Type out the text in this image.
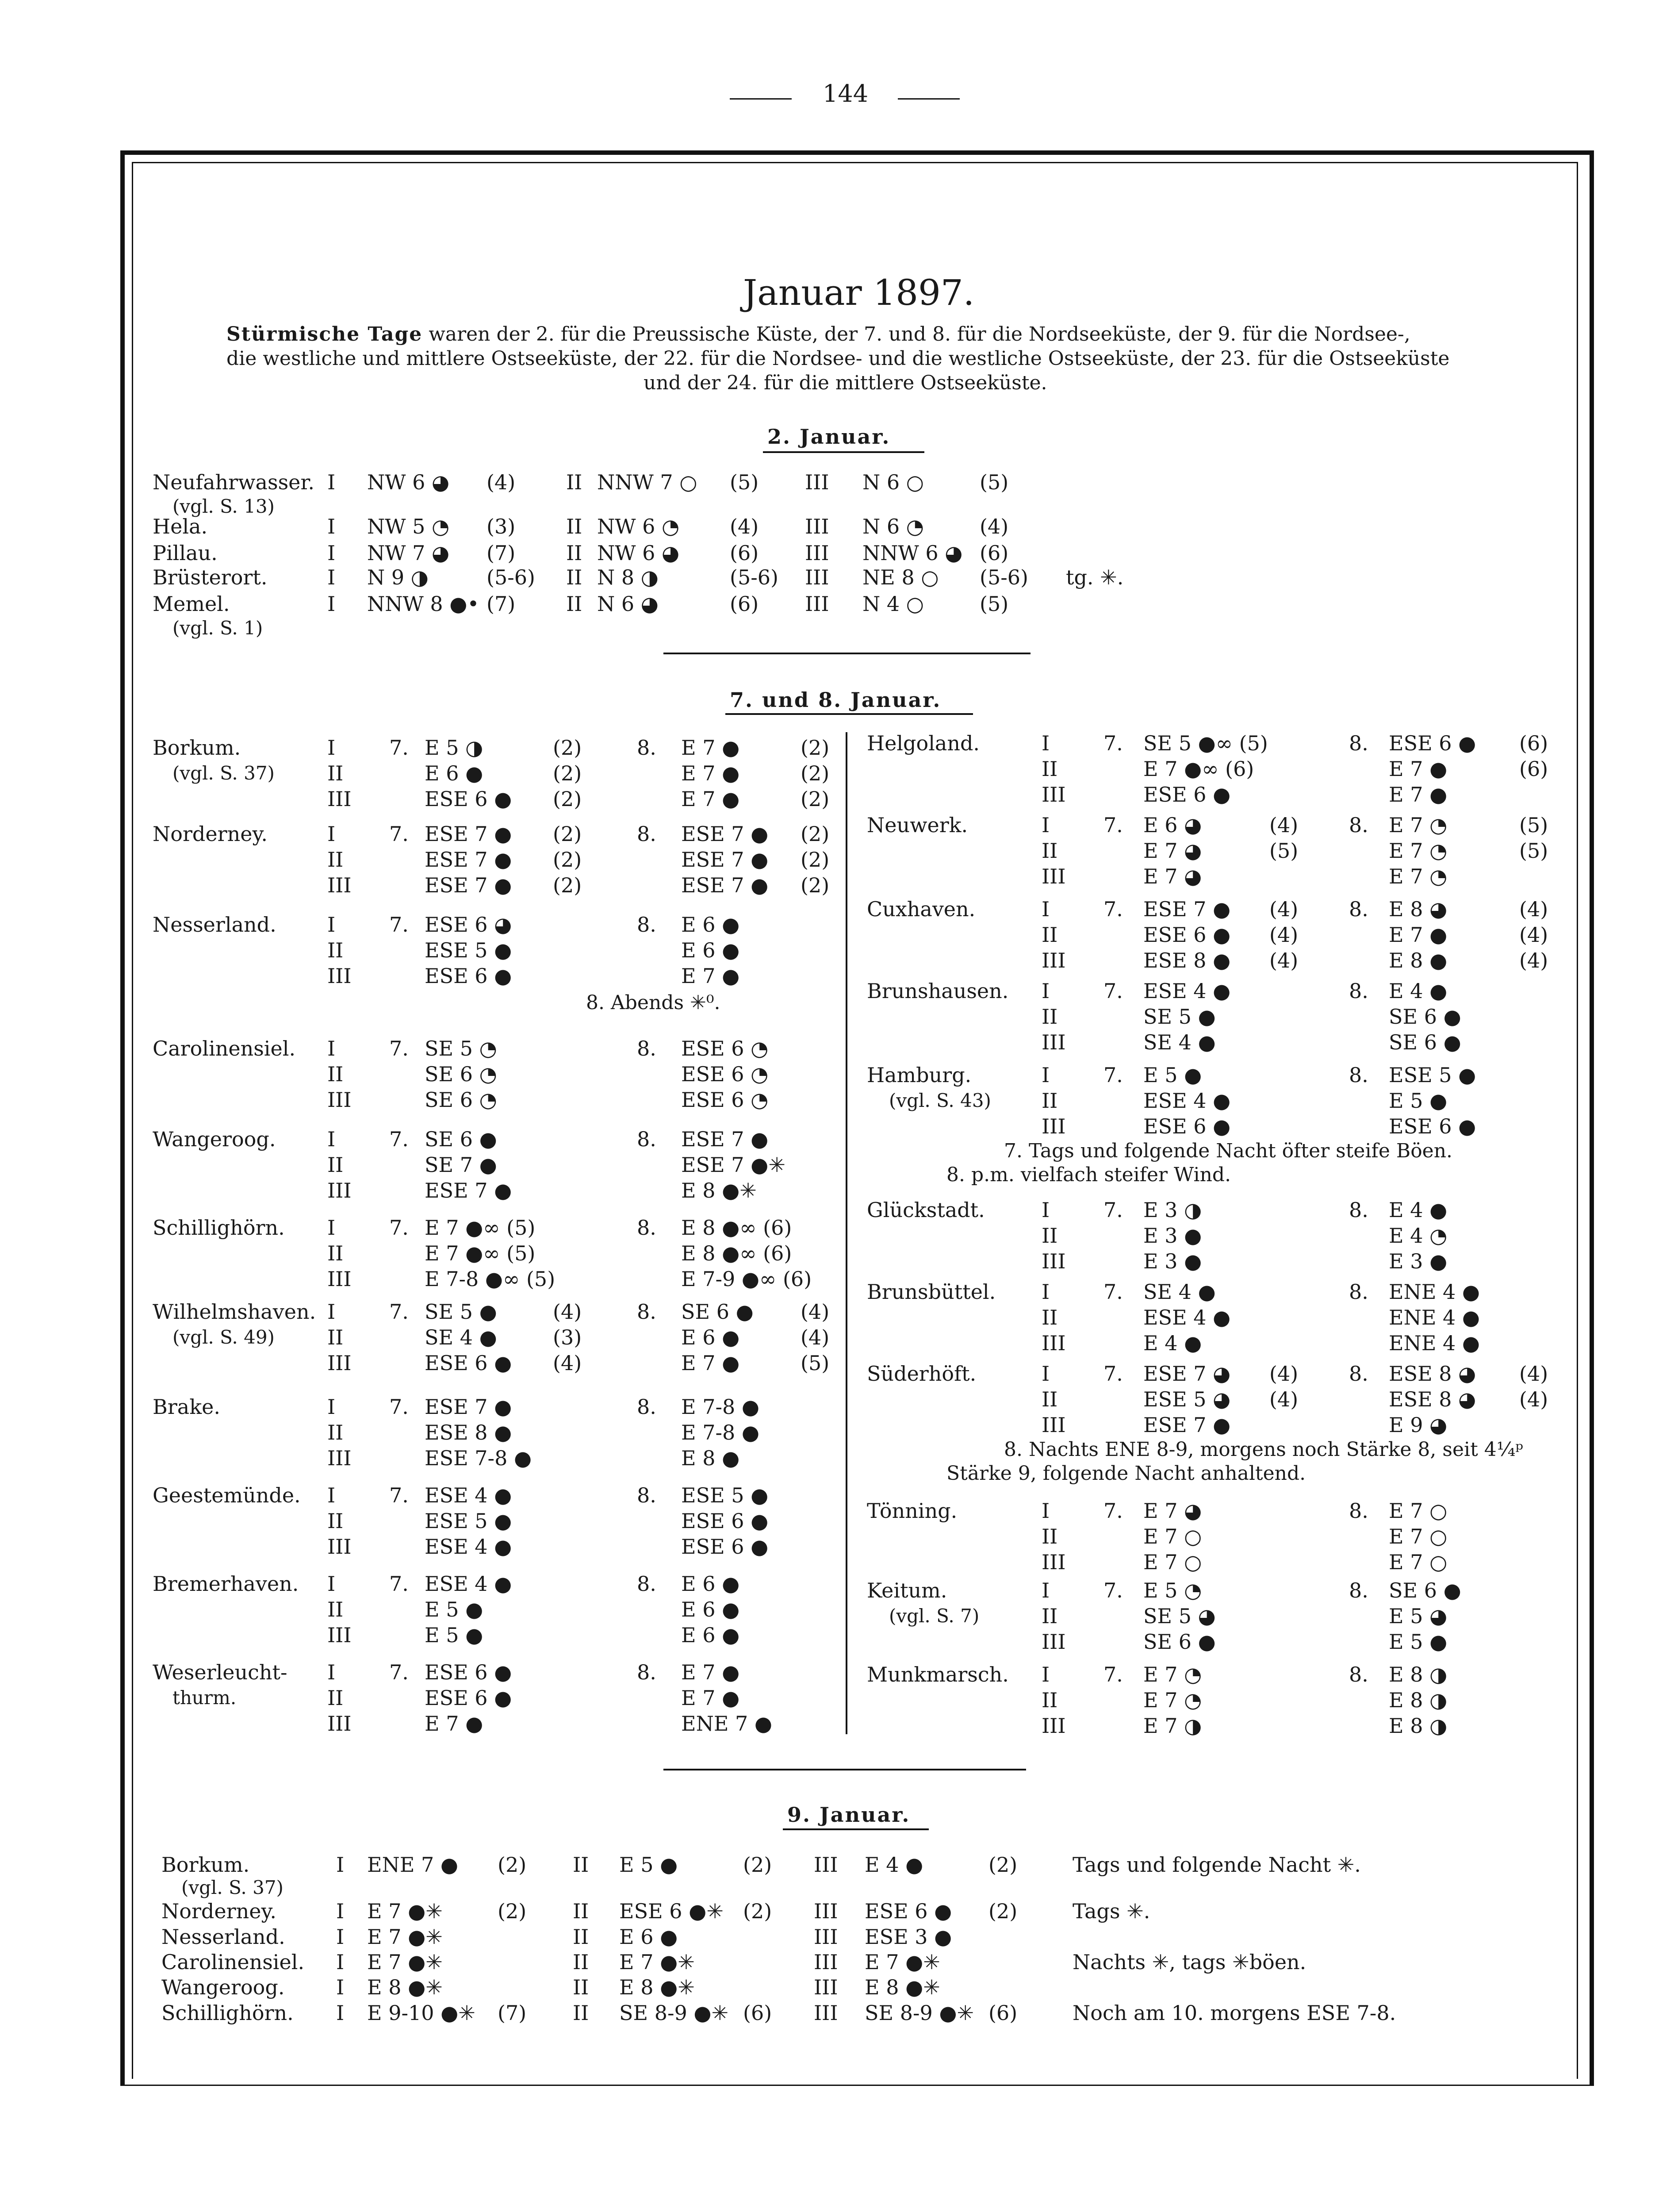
144
Januar 1897.
Stürmische Tage waren der 2. für die Preussische Küste, der 7. und 8. für die Nordseeküste, der 9. für die Nordsee-,
die westliche und mittlere Ostseeküste, der 22. für die Nordsee- und die westliche Ostseeküste, der 23. für die Ostseeküste
und der 24. für die mittlere Ostseeküste.
2. Januar.
7. und 8. Januar.
9. Januar.
Neufahrwasser.
(vgl. S. 13)
I NW 6 ◕ (4) II NNW 7 ○ (5) III N 6 ○	(5)
Hela.	I NW 5 ◔ (3) II NW 6 ◔ (4) III N 6 ◔	(4)
Pillau.	I NW 7 ◕ (7) II NW 6 ◕ (6) III NNW 6 ◕ (6)
Brüsterort.	I N 9 ◑	(5-6) II N 8 ◑	(5-6) III NE 8 ○ (5-6) tg. ✳.
Memel.
(vgl. S. 1)
I NNW 8 ●• (7) II N 6 ◕	(6) III N 4 ○	(5)
Borkum.
(vgl. S. 37)
I	7. E 5 ◑	(2)	8. E 7 ●	(2)
II	E 6 ●	(2)	E 7 ●	(2)
III	ESE 6 ● (2)	E 7 ●	(2)
Norderney.	I	7. ESE 7 ● (2)	8. ESE 7 ● (2)
II	ESE 7 ● (2)	ESE 7 ● (2)
III	ESE 7 ● (2)	ESE 7 ● (2)
Nesserland.	I	7. ESE 6 ◕	8. E 6 ●
II	ESE 5 ●	E 6 ●
III	ESE 6 ●	E 7 ●
8. Abends ✳⁰.
Carolinensiel. I	7. SE 5 ◔	8. ESE 6 ◔
II	SE 6 ◔	ESE 6 ◔
III	SE 6 ◔	ESE 6 ◔
Wangeroog.	I	7. SE 6 ●	8. ESE 7 ●
II	SE 7 ●	ESE 7 ●✳
III	ESE 7 ●	E 8 ●✳
Schillighörn. I	7. E 7 ●∞ (5)	8. E 8 ●∞ (6)
II	E 7 ●∞ (5)	E 8 ●∞ (6)
III	E 7-8 ●∞ (5)	E 7-9 ●∞ (6)
Wilhelmshaven.
(vgl. S. 49)
I	7. SE 5 ●	(4)	8. SE 6 ● (4)
II	SE 4 ●	(3)	E 6 ●	(4)
III	ESE 6 ● (4)	E 7 ●	(5)
Brake.	I	7. ESE 7 ●	8. E 7-8 ●
II	ESE 8 ●	E 7-8 ●
III	ESE 7-8 ●	E 8 ●
Geestemünde. I	7. ESE 4 ●	8. ESE 5 ●
II	ESE 5 ●	ESE 6 ●
III	ESE 4 ●	ESE 6 ●
Bremerhaven. I	7. ESE 4 ●	8. E 6 ●
II	E 5 ●	E 6 ●
III	E 5 ●	E 6 ●
Weserleucht-
thurm.
I	7. ESE 6 ●	8. E 7 ●
II	ESE 6 ●	E 7 ●
III	E 7 ●	ENE 7 ●
Helgoland.	I	7. SE 5 ●∞ (5)	8. ESE 6 ● (6)
II	E 7 ●∞ (6)	E 7 ●	(6)
III	ESE 6 ●	E 7 ●
Neuwerk.	I	7. E 6 ◕	(4) 8. E 7 ◔	(5)
II	E 7 ◕	(5)	E 7 ◔	(5)
III	E 7 ◕	E 7 ◔
Cuxhaven.	I	7. ESE 7 ● (4) 8. E 8 ◕	(4)
II	ESE 6 ● (4)	E 7 ●	(4)
III	ESE 8 ● (4)	E 8 ●	(4)
Brunshausen. I	7. ESE 4 ●	8. E 4 ●
II	SE 5 ●	SE 6 ●
III	SE 4 ●	SE 6 ●
Hamburg.
(vgl. S. 43)
I	7. E 5 ●	8. ESE 5 ●
II	ESE 4 ●	E 5 ●
III	ESE 6 ●	ESE 6 ●
7. Tags und folgende Nacht öfter steife Böen.
8. p.m. vielfach steifer Wind.
Glückstadt.	I	7. E 3 ◑	8. E 4 ●
II	E 3 ●	E 4 ◔
III	E 3 ●	E 3 ●
Brunsbüttel. I	7. SE 4 ●	8. ENE 4 ●
II	ESE 4 ●	ENE 4 ●
III	E 4 ●	ENE 4 ●
Süderhöft.	I	7. ESE 7 ◕ (4) 8. ESE 8 ◕ (4)
II	ESE 5 ◕ (4)	ESE 8 ◕ (4)
III	ESE 7 ●	E 9 ◕
8. Nachts ENE 8-9, morgens noch Stärke 8, seit 4¼ᵖ
Stärke 9, folgende Nacht anhaltend.
Tönning.	I	7. E 7 ◕	8. E 7 ○
II	E 7 ○	E 7 ○
III	E 7 ○	E 7 ○
Keitum.
(vgl. S. 7)
I	7. E 5 ◔	8. SE 6 ●
II	SE 5 ◕	E 5 ◕
III	SE 6 ●	E 5 ●
Munkmarsch. I	7. E 7 ◔	8. E 8 ◑
II	E 7 ◔	E 8 ◑
III	E 7 ◑	E 8 ◑
Borkum.
(vgl. S. 37)
I ENE 7 ● (2) II E 5 ●	(2) III E 4 ●	(2)	Tags und folgende Nacht ✳.
Norderney.	I E 7 ●✳	(2) II ESE 6 ●✳ (2) III ESE 6 ● (2)	Tags ✳.
Nesserland.	I E 7 ●✳	II E 6 ●	III ESE 3 ●
Carolinensiel. I E 7 ●✳	II E 7 ●✳	III E 7 ●✳	Nachts ✳, tags ✳böen.
Wangeroog.	I E 8 ●✳	II E 8 ●✳	III E 8 ●✳
Schillighörn. I E 9-10 ●✳ (7) II SE 8-9 ●✳ (6) III SE 8-9 ●✳ (6)	Noch am 10. morgens ESE 7-8.
